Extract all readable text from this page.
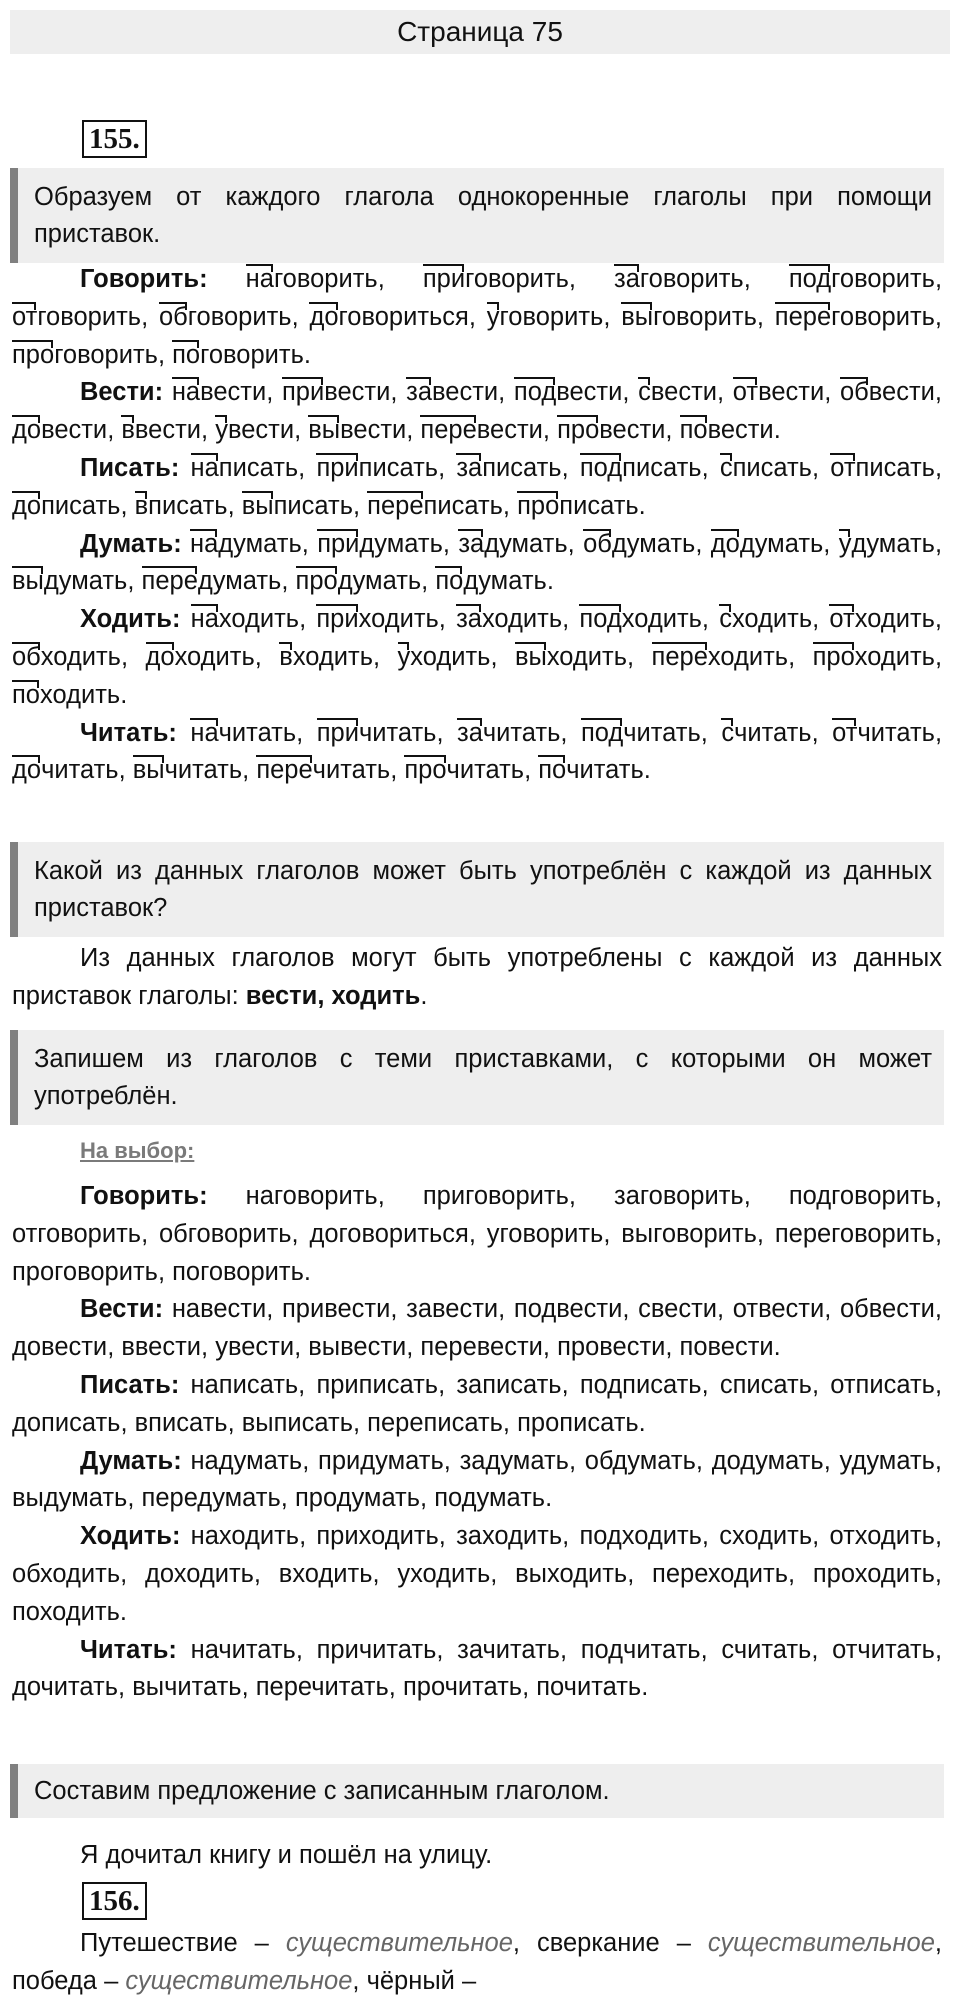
Страница 75
155.
Образуем от каждого глагола однокоренные глаголы при помощи приставок.

Говорить: наговорить, приговорить, заговорить, подговорить, отговорить, обговорить, договориться, уговорить, выговорить, переговорить, проговорить, поговорить.

Вести: навести, привести, завести, подвести, свести, отвести, обвести, довести, ввести, увести, вывести, перевести, провести, повести.

Писать: написать, приписать, записать, подписать, списать, отписать, дописать, вписать, выписать, переписать, прописать.

Думать: надумать, придумать, задумать, обдумать, додумать, удумать, выдумать, передумать, продумать, подумать.

Ходить: находить, приходить, заходить, подходить, сходить, отходить, обходить, доходить, входить, уходить, выходить, переходить, проходить, походить.

Читать: начитать, причитать, зачитать, подчитать, считать, отчитать, дочитать, вычитать, перечитать, прочитать, почитать.

Какой из данных глаголов может быть употреблён с каждой из данных приставок?

Из данных глаголов могут быть употреблены с каждой из данных приставок глаголы: вести, ходить.

Запишем из глаголов с теми приставками, с которыми он может употреблён.
На выбор:

Говорить: наговорить, приговорить, заговорить, подговорить, отговорить, обговорить, договориться, уговорить, выговорить, переговорить, проговорить, поговорить.

Вести: навести, привести, завести, подвести, свести, отвести, обвести, довести, ввести, увести, вывести, перевести, провести, повести.

Писать: написать, приписать, записать, подписать, списать, отписать, дописать, вписать, выписать, переписать, прописать.

Думать: надумать, придумать, задумать, обдумать, додумать, удумать, выдумать, передумать, продумать, подумать.

Ходить: находить, приходить, заходить, подходить, сходить, отходить, обходить, доходить, входить, уходить, выходить, переходить, проходить, походить.

Читать: начитать, причитать, зачитать, подчитать, считать, отчитать, дочитать, вычитать, перечитать, прочитать, почитать.

Составим предложение с записанным глаголом.
Я дочитал книгу и пошёл на улицу.
156.

Путешествие – существительное, сверкание – существительное, победа – существительное, чёрный –
